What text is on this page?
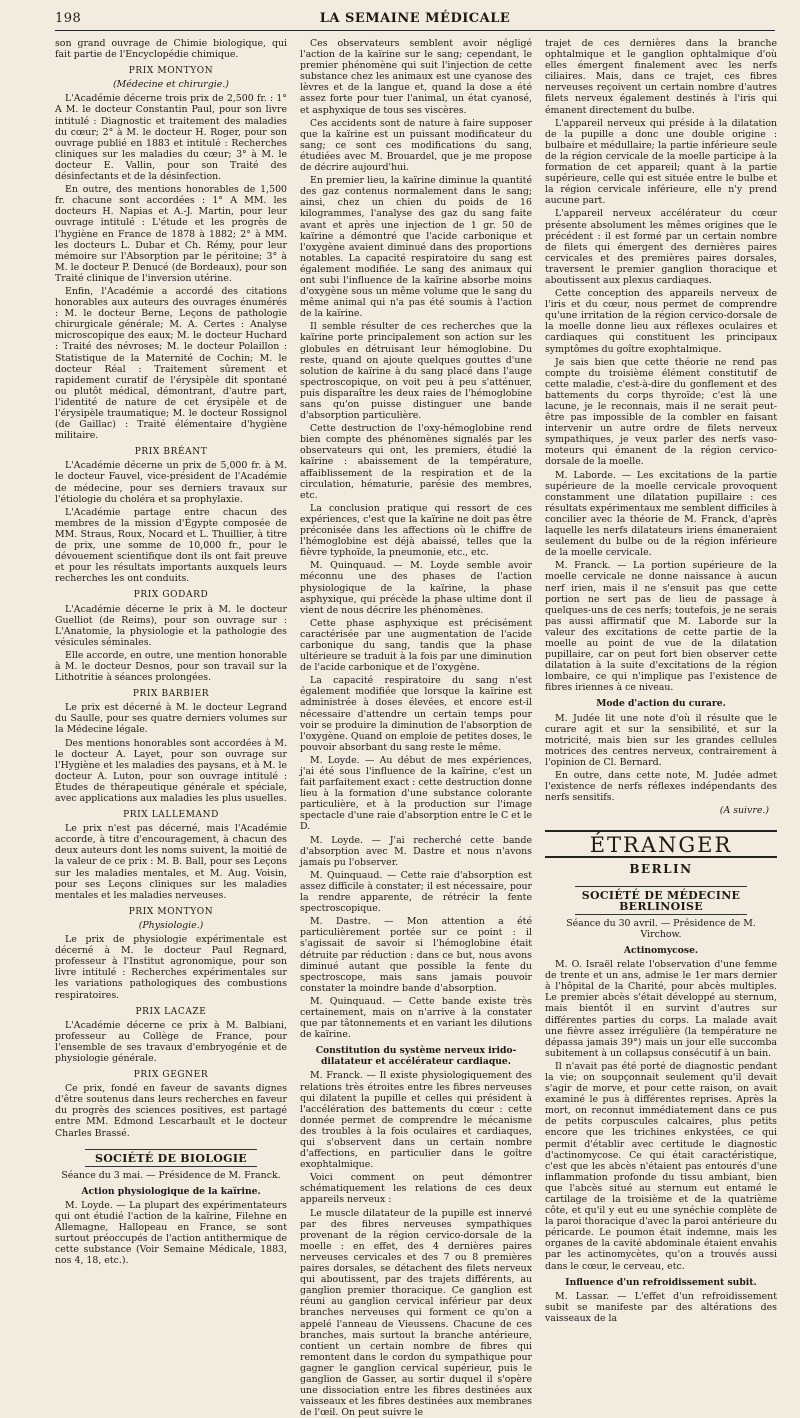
198	LA SEMAINE MÉDICALE

son grand ouvrage de Chimie biologique, qui fait partie de l'Encyclopédie chimique.

PRIX MONTYON
(Médecine et chirurgie.)

L'Académie décerne trois prix de 2,500 fr. : 1° A M. le docteur Constantin Paul, pour son livre intitulé : Diagnostic et traitement des maladies du cœur; 2° à M. le docteur H. Roger, pour son ouvrage publié en 1883 et intitulé : Recherches cliniques sur les maladies du cœur; 3° à M. le docteur E. Vallin, pour son Traité des désinfectants et de la désinfection.

En outre, des mentions honorables de 1,500 fr. chacune sont accordées : 1° A MM. les docteurs H. Napias et A.-J. Martin, pour leur ouvrage intitulé : L'étude et les progrès de l'hygiène en France de 1878 à 1882; 2° à MM. les docteurs L. Dubar et Ch. Rémy, pour leur mémoire sur l'Absorption par le péritoine; 3° à M. le docteur P. Denucé (de Bordeaux), pour son Traité clinique de l'inversion utérine.

Enfin, l'Académie a accordé des citations honorables aux auteurs des ouvrages énumérés : M. le docteur Berne, Leçons de pathologie chirurgicale générale; M. A. Certes : Analyse microscopique des eaux; M. le docteur Huchard : Traité des névroses; M. le docteur Polaillon : Statistique de la Maternité de Cochin; M. le docteur Réal : Traitement sûrement et rapidement curatif de l'érysipèle dit spontané ou plutôt médical, démontrant, d'autre part, l'identité de nature de cet érysipèle et de l'érysipèle traumatique; M. le docteur Rossignol (de Gaillac) : Traité élémentaire d'hygiène militaire.

PRIX BRÉANT

L'Académie décerne un prix de 5,000 fr. à M. le docteur Fauvel, vice-président de l'Académie de médecine, pour ses derniers travaux sur l'étiologie du choléra et sa prophylaxie.

L'Académie partage entre chacun des membres de la mission d'Égypte composée de MM. Straus, Roux, Nocard et L. Thuillier, à titre de prix, une somme de 10,000 fr., pour le dévouement scientifique dont ils ont fait preuve et pour les résultats importants auxquels leurs recherches les ont conduits.

PRIX GODARD

L'Académie décerne le prix à M. le docteur Guelliot (de Reims), pour son ouvrage sur : L'Anatomie, la physiologie et la pathologie des vésicules séminales.

Elle accorde, en outre, une mention honorable à M. le docteur Desnos, pour son travail sur la Lithotritie à séances prolongées.

PRIX BARBIER

Le prix est décerné à M. le docteur Legrand du Saulle, pour ses quatre derniers volumes sur la Médecine légale.

Des mentions honorables sont accordées à M. le docteur A. Layet, pour son ouvrage sur l'Hygiène et les maladies des paysans, et à M. le docteur A. Luton, pour son ouvrage intitulé : Études de thérapeutique générale et spéciale, avec applications aux maladies les plus usuelles.

PRIX LALLEMAND

Le prix n'est pas décerné, mais l'Académie accorde, à titre d'encouragement, à chacun des deux auteurs dont les noms suivent, la moitié de la valeur de ce prix : M. B. Ball, pour ses Leçons sur les maladies mentales, et M. Aug. Voisin, pour ses Leçons cliniques sur les maladies mentales et les maladies nerveuses.

PRIX MONTYON
(Physiologie.)

Le prix de physiologie expérimentale est décerné à M. le docteur Paul Regnard, professeur à l'Institut agronomique, pour son livre intitulé : Recherches expérimentales sur les variations pathologiques des combustions respiratoires.

PRIX LACAZE

L'Académie décerne ce prix à M. Balbiani, professeur au Collège de France, pour l'ensemble de ses travaux d'embryogénie et de physiologie générale.

PRIX GEGNER

Ce prix, fondé en faveur de savants dignes d'être soutenus dans leurs recherches en faveur du progrès des sciences positives, est partagé entre MM. Edmond Lescarbault et le docteur Charles Brassé.

SOCIÉTÉ DE BIOLOGIE
Séance du 3 mai. — Présidence de M. Franck.
Action physiologique de la kaïrine.

M. Loyde. — La plupart des expérimentateurs qui ont étudié l'action de la kaïrine, Filehne en Allemagne, Hallopeau en France, se sont surtout préoccupés de l'action antithermique de cette substance (Voir Semaine Médicale, 1883, nos 4, 18, etc.).

Ces observateurs semblent avoir négligé l'action de la kaïrine sur le sang; cependant, le premier phénomène qui suit l'injection de cette substance chez les animaux est une cyanose des lèvres et de la langue et, quand la dose a été assez forte pour tuer l'animal, un état cyanosé, et asphyxique de tous ses viscères.

Ces accidents sont de nature à faire supposer que la kaïrine est un puissant modificateur du sang; ce sont ces modifications du sang, étudiées avec M. Brouardel, que je me propose de décrire aujourd'hui.

En premier lieu, la kaïrine diminue la quantité des gaz contenus normalement dans le sang; ainsi, chez un chien du poids de 16 kilogrammes, l'analyse des gaz du sang faite avant et après une injection de 1 gr. 50 de kaïrine a démontré que l'acide carbonique et l'oxygène avaient diminué dans des proportions notables. La capacité respiratoire du sang est également modifiée. Le sang des animaux qui ont subi l'influence de la kaïrine absorbe moins d'oxygène sous un même volume que le sang du même animal qui n'a pas été soumis à l'action de la kaïrine.

Il semble résulter de ces recherches que la kaïrine porte principalement son action sur les globules en détruisant leur hémoglobine. Du reste, quand on ajoute quelques gouttes d'une solution de kaïrine à du sang placé dans l'auge spectroscopique, on voit peu à peu s'atténuer, puis disparaître les deux raies de l'hémoglobine sans qu'on puisse distinguer une bande d'absorption particulière.

Cette destruction de l'oxy-hémoglobine rend bien compte des phénomènes signalés par les observateurs qui ont, les premiers, étudié la kaïrine : abaissement de la température, affaiblissement de la respiration et de la circulation, hématurie, parésie des membres, etc.

La conclusion pratique qui ressort de ces expériences, c'est que la kaïrine ne doit pas être préconisée dans les affections où le chiffre de l'hémoglobine est déjà abaissé, telles que la fièvre typhoïde, la pneumonie, etc., etc.

M. Quinquaud. — M. Loyde semble avoir méconnu une des phases de l'action physiologique de la kaïrine, la phase asphyxique, qui précède la phase ultime dont il vient de nous décrire les phénomènes.

Cette phase asphyxique est précisément caractérisée par une augmentation de l'acide carbonique du sang, tandis que la phase ultérieure se traduit à la fois par une diminution de l'acide carbonique et de l'oxygène.

La capacité respiratoire du sang n'est également modifiée que lorsque la kaïrine est administrée à doses élevées, et encore est-il nécessaire d'attendre un certain temps pour voir se produire la diminution de l'absorption de l'oxygène. Quand on emploie de petites doses, le pouvoir absorbant du sang reste le même.

M. Loyde. — Au début de mes expériences, j'ai été sous l'influence de la kaïrine, c'est un fait parfaitement exact : cette destruction donne lieu à la formation d'une substance colorante particulière, et à la production sur l'image spectacle d'une raie d'absorption entre le C et le D.

M. Loyde. — J'ai recherché cette bande d'absorption avec M. Dastre et nous n'avons jamais pu l'observer.

M. Quinquaud. — Cette raie d'absorption est assez difficile à constater; il est nécessaire, pour la rendre apparente, de rétrécir la fente spectroscopique.

M. Dastre. — Mon attention a été particulièrement portée sur ce point : il s'agissait de savoir si l'hémoglobine était détruite par réduction : dans ce but, nous avons diminué autant que possible la fente du spectroscope, mais sans jamais pouvoir constater la moindre bande d'absorption.

M. Quinquaud. — Cette bande existe très certainement, mais on n'arrive à la constater que par tâtonnements et en variant les dilutions de kaïrine.

Constitution du système nerveux irido-dilatateur et accélérateur cardiaque.

M. Franck. — Il existe physiologiquement des relations très étroites entre les fibres nerveuses qui dilatent la pupille et celles qui président à l'accélération des battements du cœur : cette donnée permet de comprendre le mécanisme des troubles à la fois oculaires et cardiaques, qui s'observent dans un certain nombre d'affections, en particulier dans le goître exophtalmique.

Voici comment on peut démontrer schématiquement les relations de ces deux appareils nerveux :

Le muscle dilatateur de la pupille est innervé par des fibres nerveuses sympathiques provenant de la région cervico-dorsale de la moelle : en effet, des 4 dernières paires nerveuses cervicales et des 7 ou 8 premières paires dorsales, se détachent des filets nerveux qui aboutissent, par des trajets différents, au ganglion premier thoracique. Ce ganglion est réuni au ganglion cervical inférieur par deux branches nerveuses qui forment ce qu'on a appelé l'anneau de Vieussens. Chacune de ces branches, mais surtout la branche antérieure, contient un certain nombre de fibres qui remontent dans le cordon du sympathique pour gagner le ganglion cervical supérieur, puis le ganglion de Gasser, au sortir duquel il s'opère une dissociation entre les fibres destinées aux vaisseaux et les fibres destinées aux membranes de l'œil. On peut suivre le

trajet de ces dernières dans la branche ophtalmique et le ganglion ophtalmique d'où elles émergent finalement avec les nerfs ciliaires. Mais, dans ce trajet, ces fibres nerveuses reçoivent un certain nombre d'autres filets nerveux également destinés à l'iris qui émanent directement du bulbe.

L'appareil nerveux qui préside à la dilatation de la pupille a donc une double origine : bulbaire et médullaire; la partie inférieure seule de la région cervicale de la moelle participe à la formation de cet appareil; quant à la partie supérieure, celle qui est située entre le bulbe et la région cervicale inférieure, elle n'y prend aucune part.

L'appareil nerveux accélérateur du cœur présente absolument les mêmes origines que le précédent : il est formé par un certain nombre de filets qui émergent des dernières paires cervicales et des premières paires dorsales, traversent le premier ganglion thoracique et aboutissent aux plexus cardiaques.

Cette conception des appareils nerveux de l'iris et du cœur, nous permet de comprendre qu'une irritation de la région cervico-dorsale de la moelle donne lieu aux réflexes oculaires et cardiaques qui constituent les principaux symptômes du goître exophtalmique.

Je sais bien que cette théorie ne rend pas compte du troisième élément constitutif de cette maladie, c'est-à-dire du gonflement et des battements du corps thyroïde; c'est là une lacune, je le reconnais, mais il ne serait peut-être pas impossible de la combler en faisant intervenir un autre ordre de filets nerveux sympathiques, je veux parler des nerfs vaso-moteurs qui émanent de la région cervico-dorsale de la moelle.

M. Laborde. — Les excitations de la partie supérieure de la moelle cervicale provoquent constamment une dilatation pupillaire : ces résultats expérimentaux me semblent difficiles à concilier avec la théorie de M. Franck, d'après laquelle les nerfs dilatateurs iriens émaneraient seulement du bulbe ou de la région inférieure de la moelle cervicale.

M. Franck. — La portion supérieure de la moelle cervicale ne donne naissance à aucun nerf irien, mais il ne s'ensuit pas que cette portion ne sert pas de lieu de passage à quelques-uns de ces nerfs; toutefois, je ne serais pas aussi affirmatif que M. Laborde sur la valeur des excitations de cette partie de la moelle au point de vue de la dilatation pupillaire, car on peut fort bien observer cette dilatation à la suite d'excitations de la région lombaire, ce qui n'implique pas l'existence de fibres iriennes à ce niveau.

Mode d'action du curare.

M. Judée lit une note d'où il résulte que le curare agit et sur la sensibilité, et sur la motricité, mais bien sur les grandes cellules motrices des centres nerveux, contrairement à l'opinion de Cl. Bernard.

En outre, dans cette note, M. Judée admet l'existence de nerfs réflexes indépendants des nerfs sensitifs.

(A suivre.)
ÉTRANGER
BERLIN
SOCIÉTÉ DE MÉDECINE BERLINOISE
Séance du 30 avril. — Présidence de M. Virchow.
Actinomycose.

M. O. Israël relate l'observation d'une femme de trente et un ans, admise le 1er mars dernier à l'hôpital de la Charité, pour abcès multiples. Le premier abcès s'était développé au sternum, mais bientôt il en survint d'autres sur différentes parties du corps. La malade avait une fièvre assez irrégulière (la température ne dépassa jamais 39°) mais un jour elle succomba subitement à un collapsus consécutif à un bain.

Il n'avait pas été porté de diagnostic pendant la vie; on soupçonnait seulement qu'il devait s'agir de morve, et pour cette raison, on avait examiné le pus à différentes reprises. Après la mort, on reconnut immédiatement dans ce pus de petits corpuscules calcaires, plus petits encore que les trichines enkystées, ce qui permit d'établir avec certitude le diagnostic d'actinomycose. Ce qui était caractéristique, c'est que les abcès n'étaient pas entourés d'une inflammation profonde du tissu ambiant, bien que l'abcès situé au sternum eut entamé le cartilage de la troisième et de la quatrième côte, et qu'il y eut eu une synéchie complète de la paroi thoracique d'avec la paroi antérieure du péricarde. Le poumon était indemne, mais les organes de la cavité abdominale étaient envahis par les actinomycètes, qu'on a trouvés aussi dans le cœur, le cerveau, etc.

Influence d'un refroidissement subit.

M. Lassar. — L'effet d'un refroidissement subit se manifeste par des altérations des vaisseaux de la
